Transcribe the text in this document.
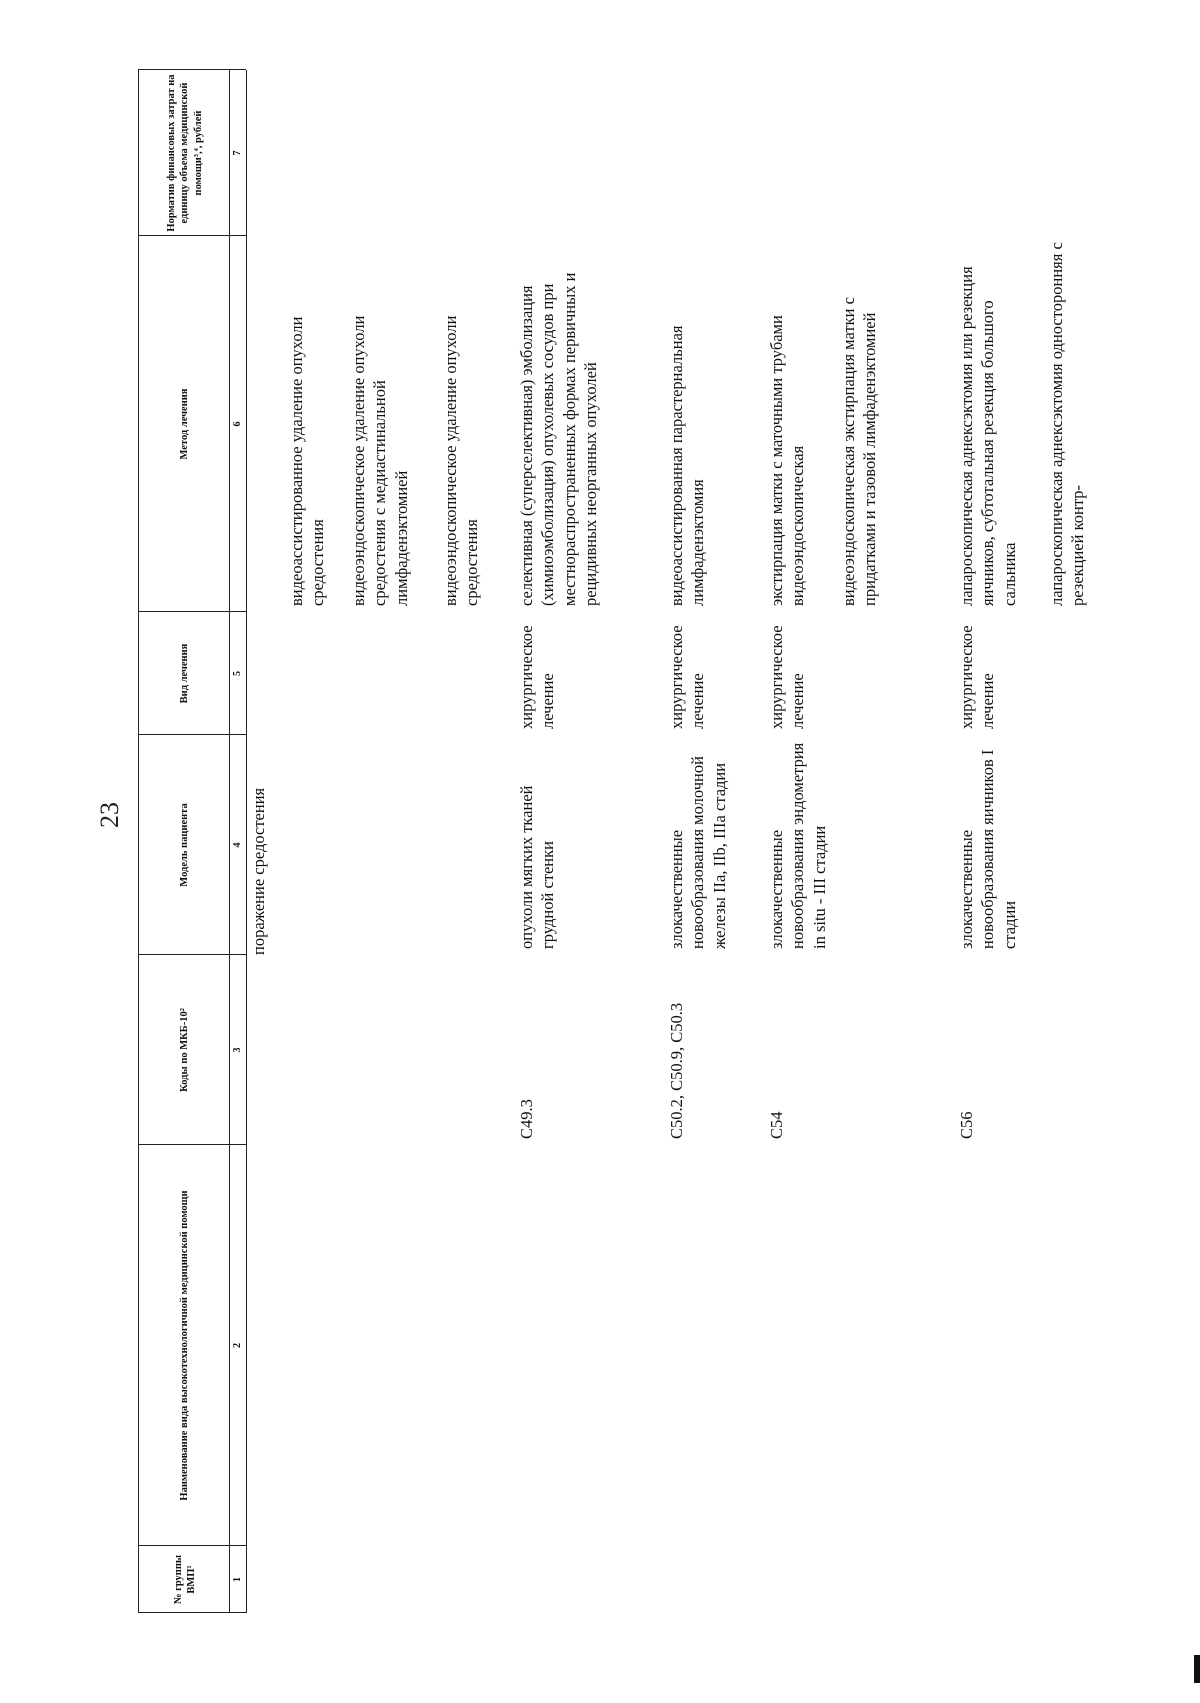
23
№ группы ВМП¹
Наименование вида высокотехнологичной медицинской помощи
Коды по МКБ-10²
Модель пациента
Вид лечения
Метод лечения
Норматив финансовых затрат на единицу объема медицинской помощи³,⁴, рублей
1
2
3
4
5
6
7
поражение средостения
видеоассистированное удаление опухоли средостения видеоэндоскопическое удаление опухоли средостения с медиастинальной лимфаденэктомией видеоэндоскопическое удаление опухоли средостения
C49.3
опухоли мягких тканей грудной стенки
хирургическое лечение
селективная (суперселективная) эмболизация (химиоэмболизация) опухолевых сосудов при местнораспространенных формах первичных и рецидивных неорганных опухолей
C50.2, C50.9, C50.3
злокачественные новообразования молочной железы IIa, IIb, IIIa стадии
хирургическое лечение
видеоассистированная парастернальная лимфаденэктомия
C54
злокачественные новообразования эндометрия in situ - III стадии
хирургическое лечение
экстирпация матки с маточными трубами видеоэндоскопическая видеоэндоскопическая экстирпация матки с придатками и тазовой лимфаденэктомией
C56
злокачественные новообразования яичников I стадии
хирургическое лечение
лапароскопическая аднексэктомия или резекция яичников, субтотальная резекция большого сальника лапароскопическая аднексэктомия односторонняя с резекцией контр-
